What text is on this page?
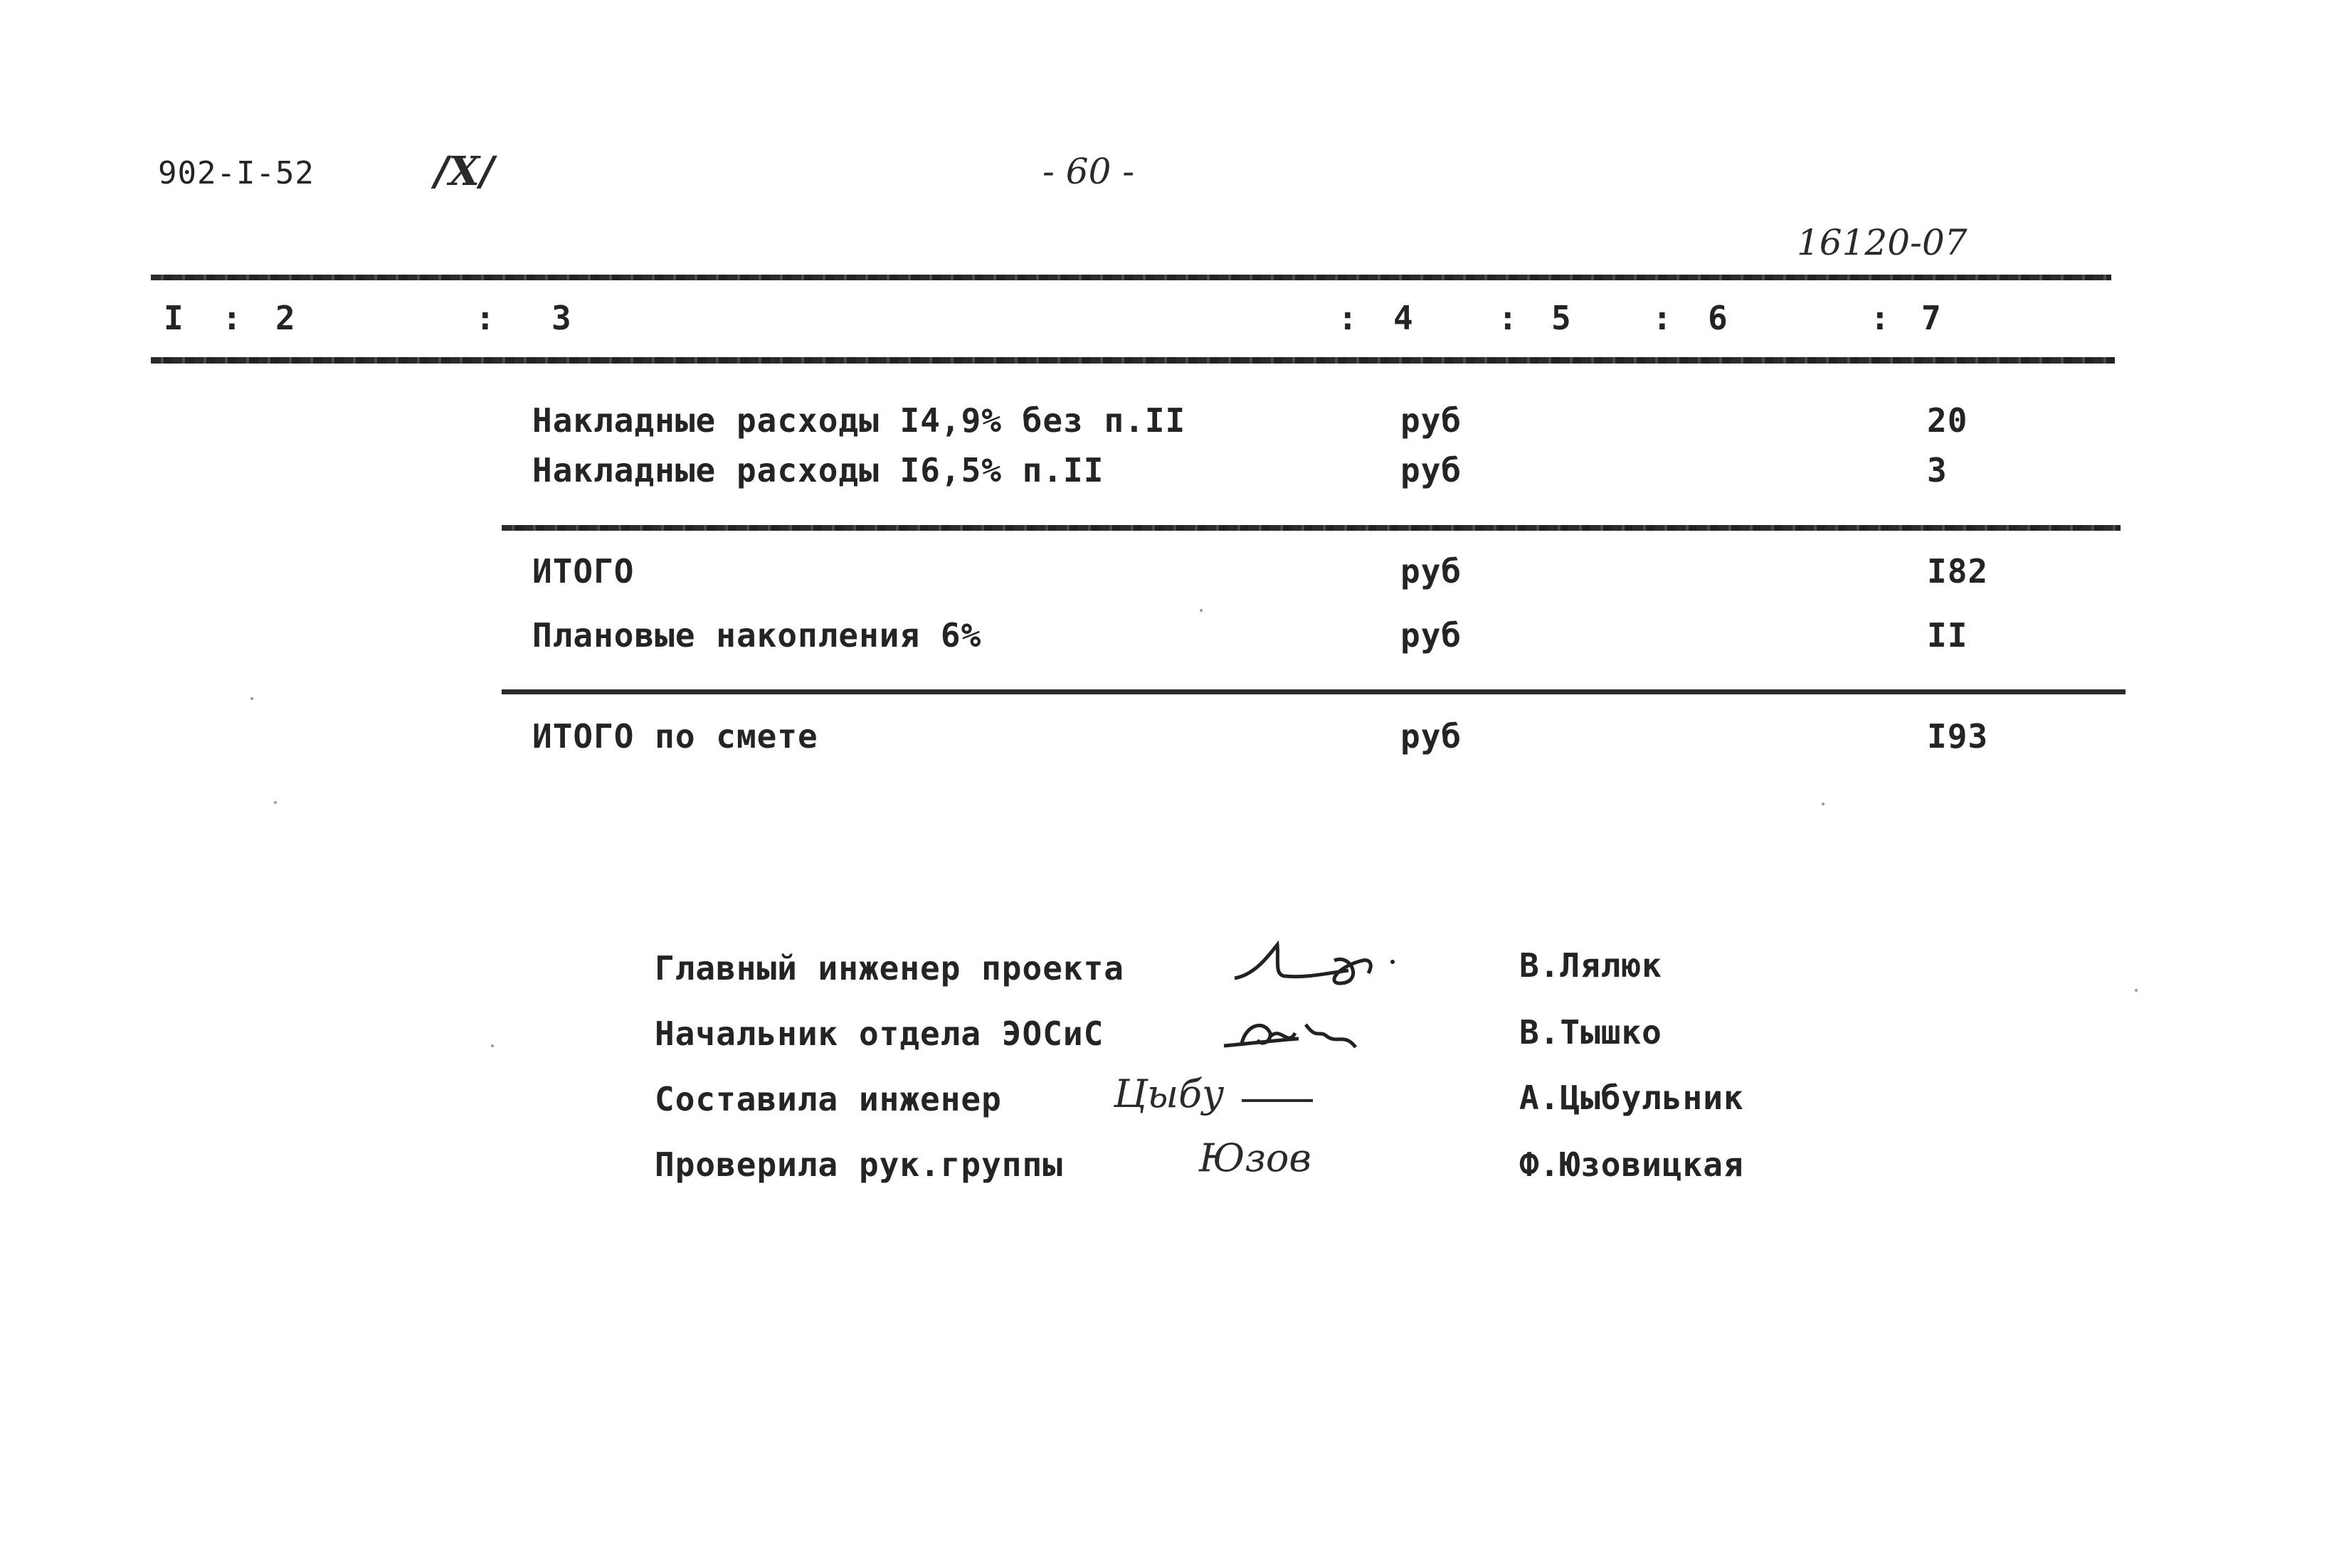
902-I-52	/X/	- 60 -
16120-07
I : 2	: 3	: 4	: 5 : 6	: 7
Накладные расходы I4,9% без п.II	руб	20
Накладные расходы I6,5% п.II	руб	3
ИТОГО	руб	I82
Плановые накопления 6%	руб	II
ИТОГО по смете	руб	I93
Главный инженер проекта	В.Лялюк
Начальник отдела ЭОСиС	В.Тышко
Составила инженер	А.Цыбульник
Проверила рук.группы	Ф.Юзовицкая
Цыбу
Юзов
